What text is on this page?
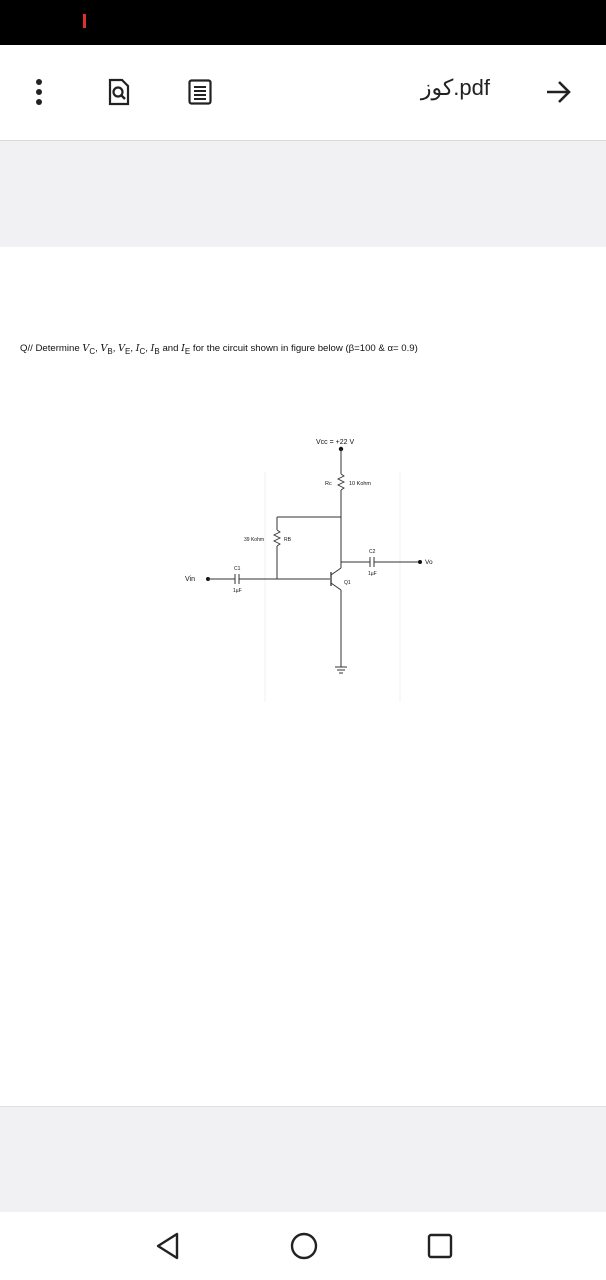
كوز.pdf
Q// Determine $V_C$, $V_B$, $V_E$, $I_C$, $I_B$ and $I_E$ for the circuit shown in figure below (β=100 & α= 0.9)
Vcc = +22 V
Rc	10 Kohm
39 Kohm	RB
Vin
C1
1µF
Q1
C2
1µF
Vo
